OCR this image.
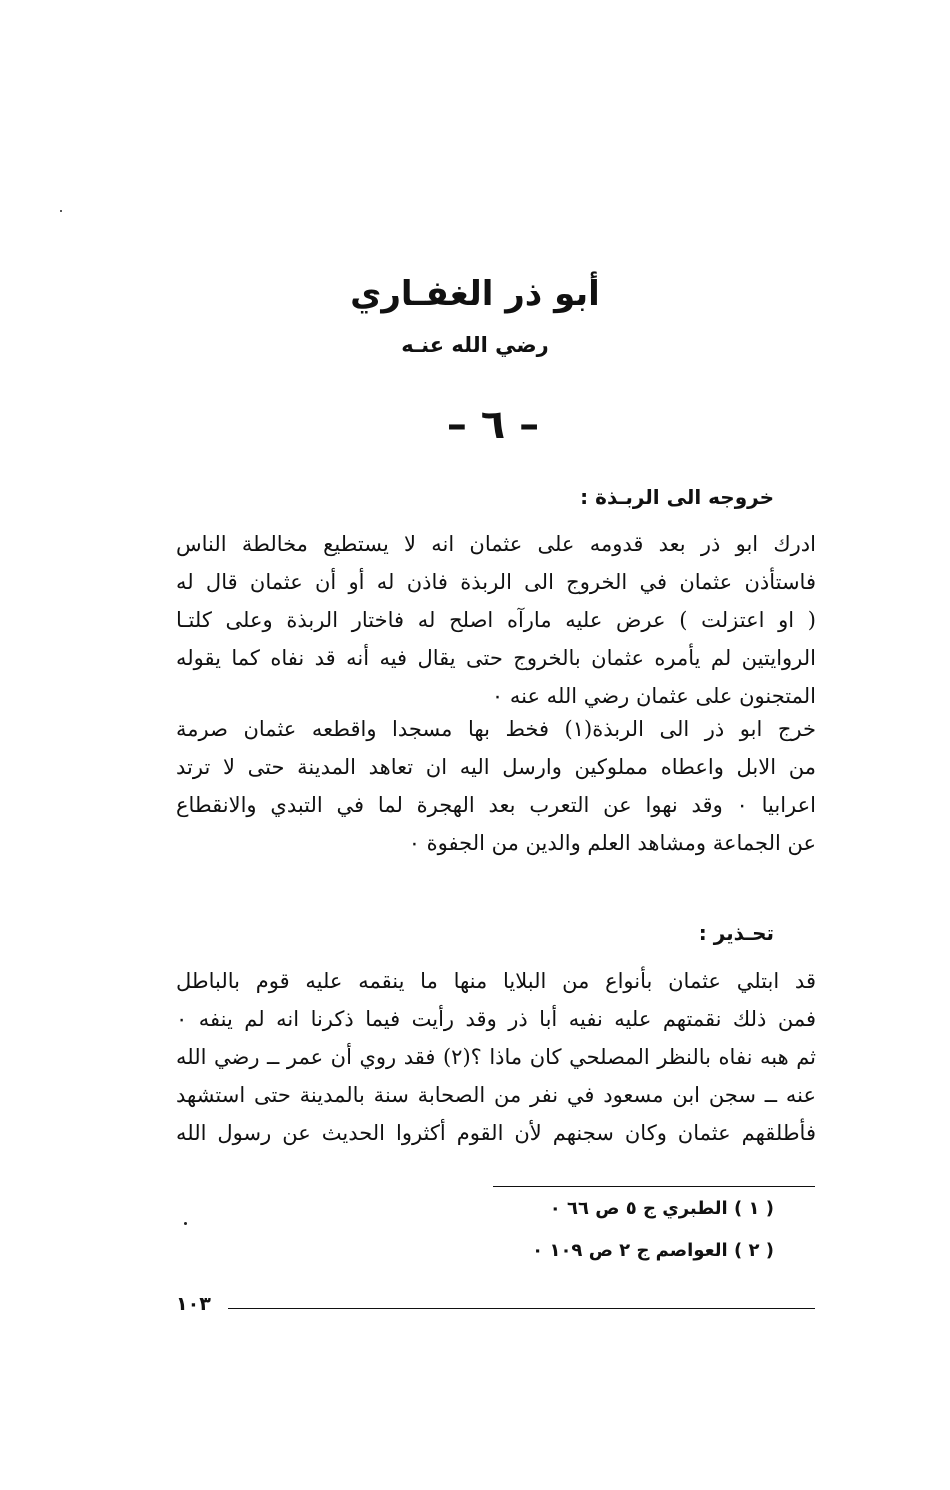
أبو ذر الغفـاري
رضي الله عنـه
– ٦ –
خروجه الى الربـذة :
ادرك ابو ذر بعد قدومه على عثمان انه لا يستطيع مخالطة الناس
فاستأذن عثمان في الخروج الى الربذة فاذن له أو أن عثمان قال له
( او اعتزلت ) عرض عليه مارآه اصلح له فاختار الربذة وعلى كلتـا
الروايتين لم يأمره عثمان بالخروج حتى يقال فيه أنه قد نفاه كما يقوله
المتجنون على عثمان رضي الله عنه ٠
خرج ابو ذر الى الربذة(١) فخط بها مسجدا واقطعه عثمان صرمة
من الابل واعطاه مملوكين وارسل اليه ان تعاهد المدينة حتى لا ترتد
اعرابيا ٠ وقد نهوا عن التعرب بعد الهجرة لما في التبدي والانقطاع
عن الجماعة ومشاهد العلم والدين من الجفوة ٠
تحـذير :
قد ابتلي عثمان بأنواع من البلايا منها ما ينقمه عليه قوم بالباطل
فمن ذلك نقمتهم عليه نفيه أبا ذر وقد رأيت فيما ذكرنا انه لم ينفه ٠
ثم هبه نفاه بالنظر المصلحي كان ماذا ؟(٢) فقد روي أن عمر ــ رضي الله
عنه ــ سجن ابن مسعود في نفر من الصحابة سنة بالمدينة حتى استشهد
فأطلقهم عثمان وكان سجنهم لأن القوم أكثروا الحديث عن رسول الله
( ١ ) الطبري ج ٥ ص ٦٦ ٠
( ٢ ) العواصم ج ٢ ص ١٠٩ ٠
١٠٣
